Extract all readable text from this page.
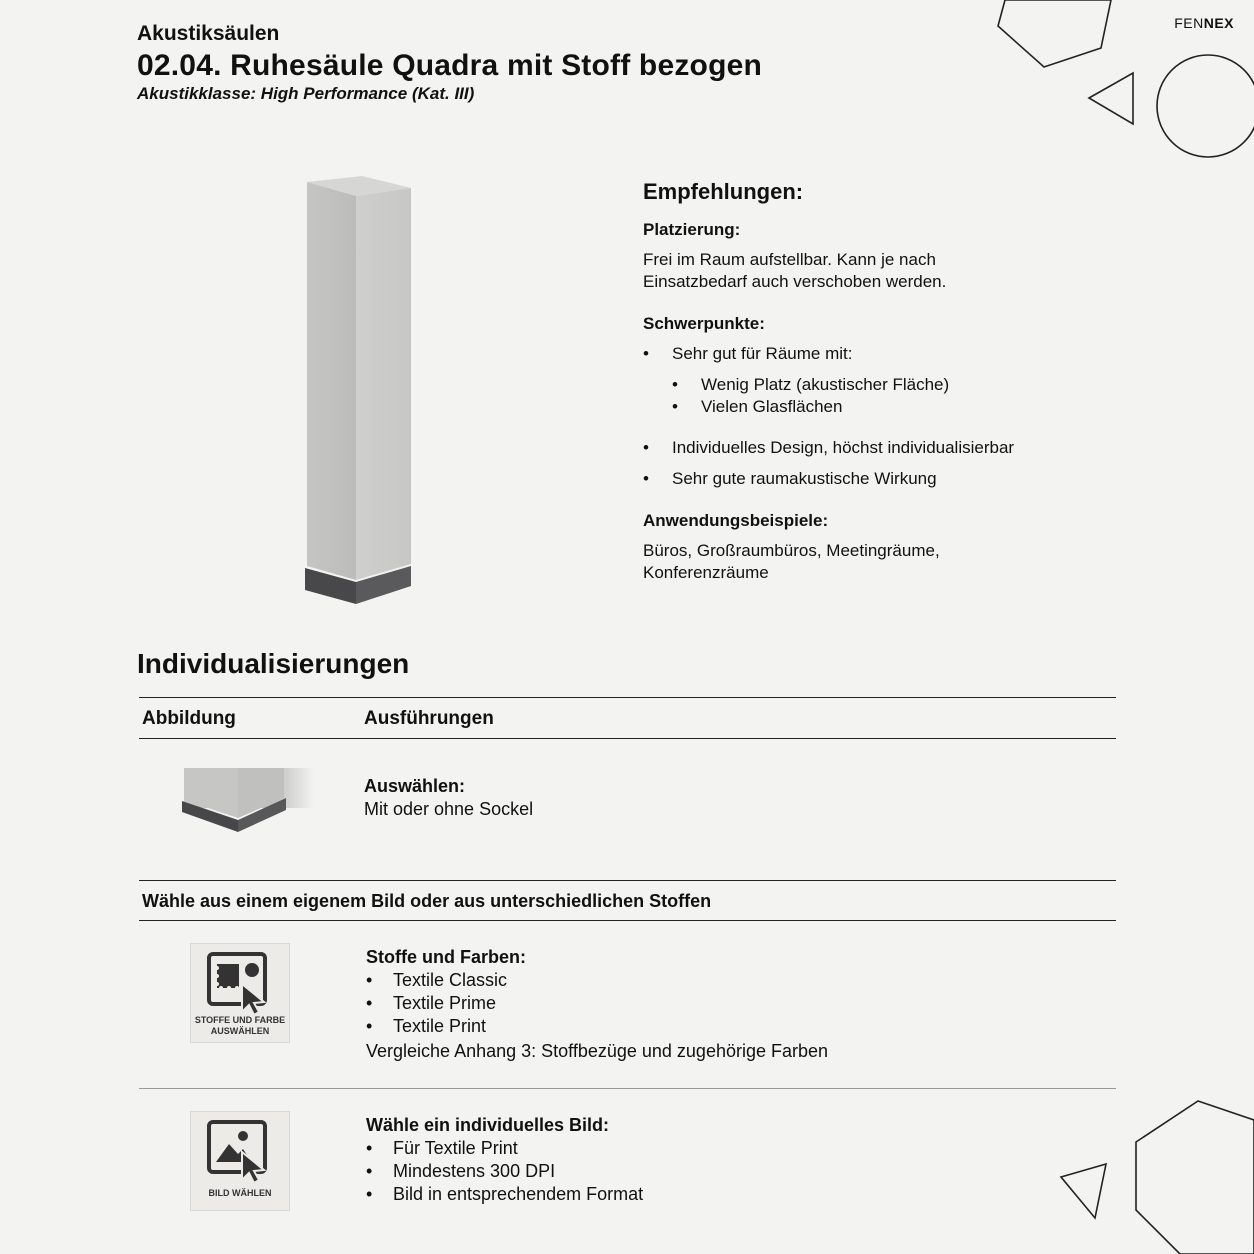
FENNEX
Akustiksäulen
02.04. Ruhesäule Quadra mit Stoff bezogen
Akustikklasse: High Performance (Kat. III)
Empfehlungen:
Platzierung:

Frei im Raum aufstellbar. Kann je nach
Einsatzbedarf auch verschoben werden.

Schwerpunkte:
• Sehr gut für Räume mit:
• Wenig Platz (akustischer Fläche)
• Vielen Glasflächen
• Individuelles Design, höchst individualisierbar
• Sehr gute raumakustische Wirkung
Anwendungsbeispiele:

Büros, Großraumbüros, Meetingräume,
Konferenzräume

Individualisierungen
Abbildung	Ausführungen
Auswählen:
Mit oder ohne Sockel
Wähle aus einem eigenem Bild oder aus unterschiedlichen Stoffen
STOFFE UND FARBE
AUSWÄHLEN
Stoffe und Farben:
• Textile Classic
• Textile Prime
• Textile Print
Vergleiche Anhang 3: Stoffbezüge und zugehörige Farben
BILD WÄHLEN
Wähle ein individuelles Bild:
• Für Textile Print
• Mindestens 300 DPI
• Bild in entsprechendem Format
